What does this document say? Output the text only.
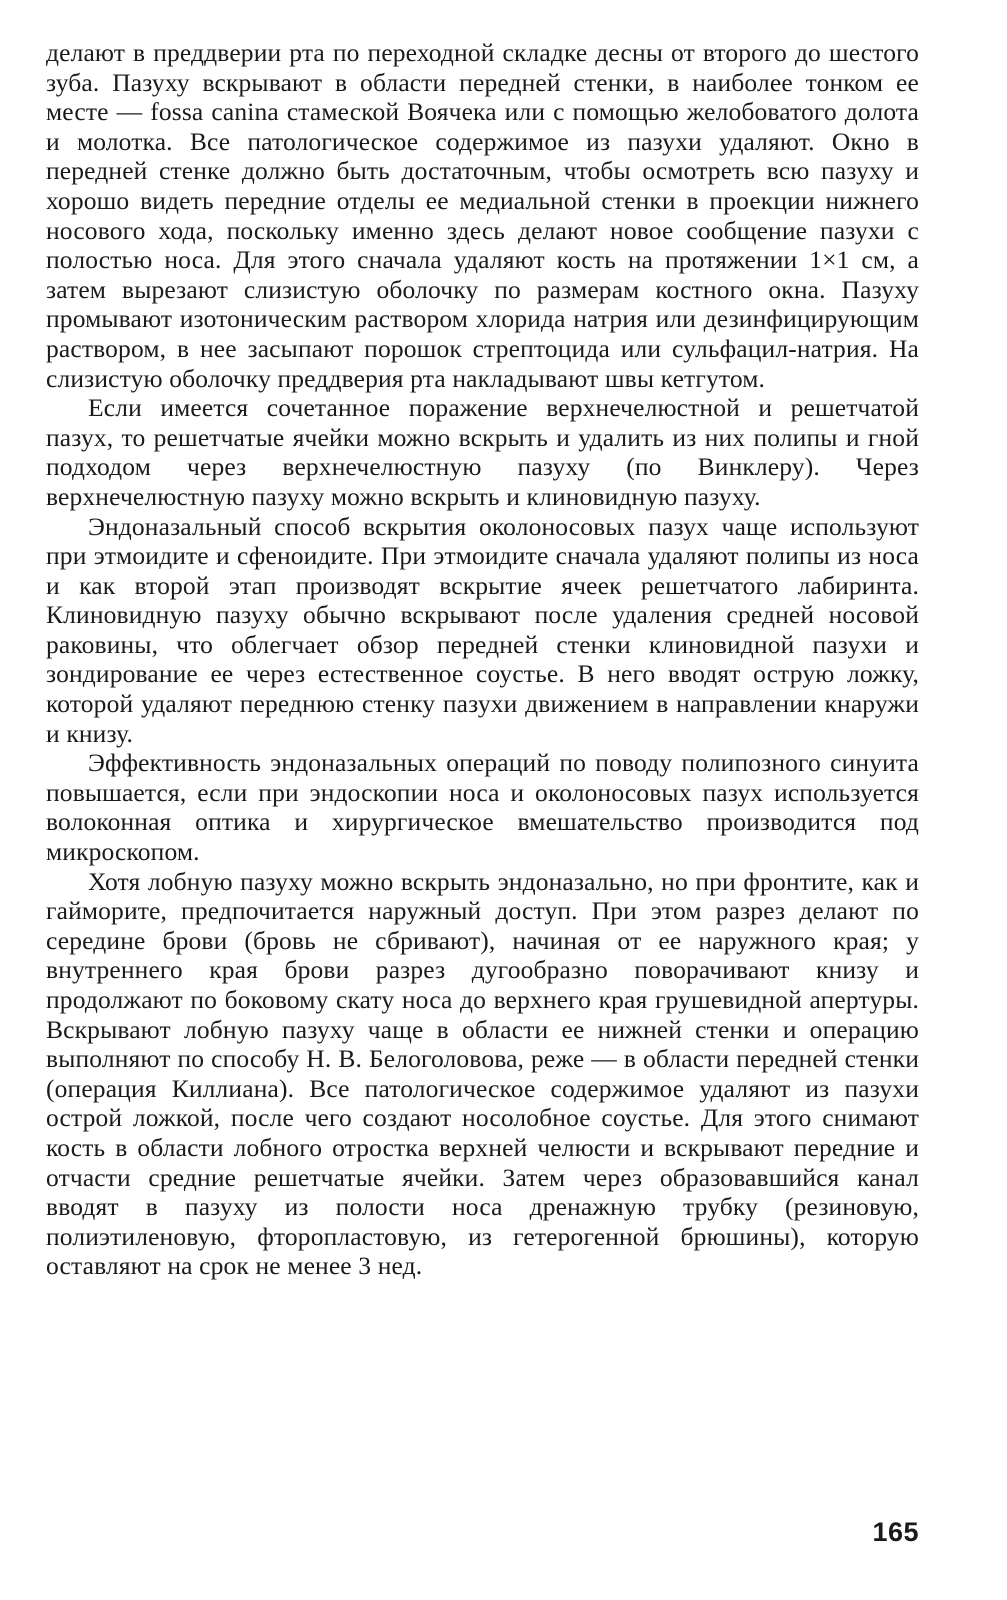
делают в преддверии рта по переходной складке десны от второго до шестого зуба. Пазуху вскрывают в области передней стенки, в наиболее тонком ее месте — fossa canina стамеской Воячека или с помощью желобоватого долота и молотка. Все патологическое содержимое из пазухи удаляют. Окно в передней стенке должно быть достаточным, чтобы осмотреть всю пазуху и хорошо видеть передние отделы ее медиальной стенки в проекции нижнего носового хода, поскольку именно здесь делают новое сообщение пазухи с полостью носа. Для этого сначала удаляют кость на протяжении 1×1 см, а затем вырезают слизистую оболочку по размерам костного окна. Пазуху промывают изотоническим раствором хлорида натрия или дезинфицирующим раствором, в нее засыпают порошок стрептоцида или сульфацил-натрия. На слизистую оболочку преддверия рта накладывают швы кетгутом.

Если имеется сочетанное поражение верхнечелюстной и решетчатой пазух, то решетчатые ячейки можно вскрыть и удалить из них полипы и гной подходом через верхнечелюстную пазуху (по Винклеру). Через верхнечелюстную пазуху можно вскрыть и клиновидную пазуху.

Эндоназальный способ вскрытия околоносовых пазух чаще используют при этмоидите и сфеноидите. При этмоидите сначала удаляют полипы из носа и как второй этап производят вскрытие ячеек решетчатого лабиринта. Клиновидную пазуху обычно вскрывают после удаления средней носовой раковины, что облегчает обзор передней стенки клиновидной пазухи и зондирование ее через естественное соустье. В него вводят острую ложку, которой удаляют переднюю стенку пазухи движением в направлении кнаружи и книзу.

Эффективность эндоназальных операций по поводу полипозного синуита повышается, если при эндоскопии носа и околоносовых пазух используется волоконная оптика и хирургическое вмешательство производится под микроскопом.

Хотя лобную пазуху можно вскрыть эндоназально, но при фронтите, как и гайморите, предпочитается наружный доступ. При этом разрез делают по середине брови (бровь не сбривают), начиная от ее наружного края; у внутреннего края брови разрез дугообразно поворачивают книзу и продолжают по боковому скату носа до верхнего края грушевидной апертуры. Вскрывают лобную пазуху чаще в области ее нижней стенки и операцию выполняют по способу Н. В. Белоголовова, реже — в области передней стенки (операция Киллиана). Все патологическое содержимое удаляют из пазухи острой ложкой, после чего создают носолобное соустье. Для этого снимают кость в области лобного отростка верхней челюсти и вскрывают передние и отчасти средние решетчатые ячейки. Затем через образовавшийся канал вводят в пазуху из полости носа дренажную трубку (резиновую, полиэтиленовую, фторопластовую, из гетерогенной брюшины), которую оставляют на срок не менее 3 нед.

165
